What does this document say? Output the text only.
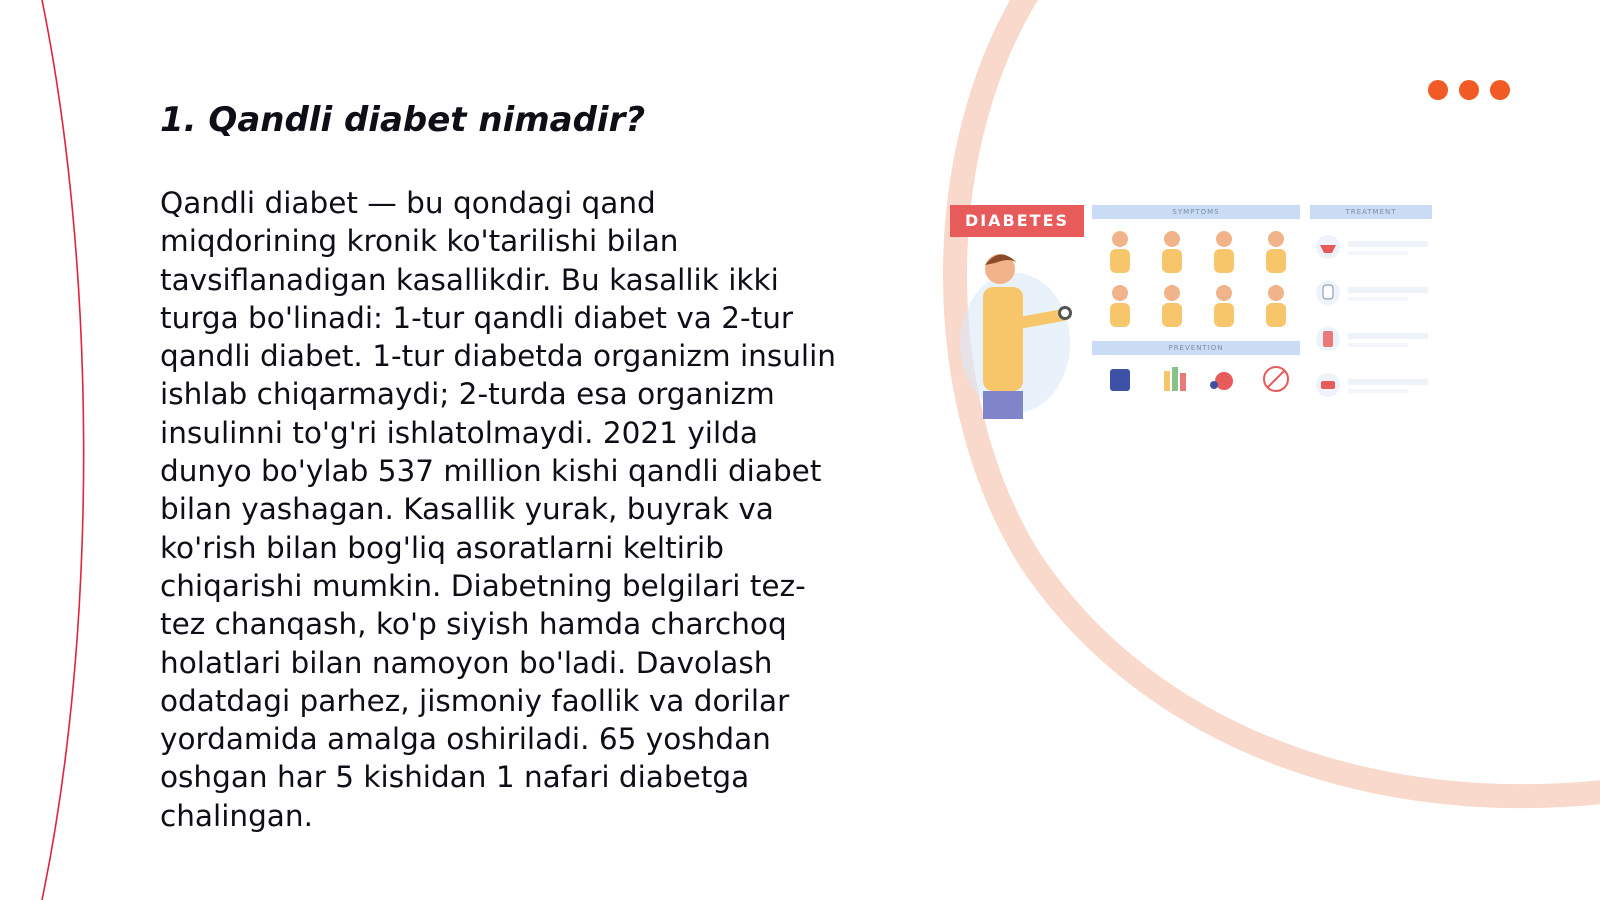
1. Qandli diabet nimadir?

Qandli diabet — bu qondagi qand miqdorining kronik ko'tarilishi bilan tavsiflanadigan kasallikdir. Bu kasallik ikki turga bo'linadi: 1-tur qandli diabet va 2-tur qandli diabet. 1-tur diabetda organizm insulin ishlab chiqarmaydi; 2-turda esa organizm insulinni to'g'ri ishlatolmaydi. 2021 yilda dunyo bo'ylab 537 million kishi qandli diabet bilan yashagan. Kasallik yurak, buyrak va ko'rish bilan bog'liq asoratlarni keltirib chiqarishi mumkin. Diabetning belgilari tez-tez chanqash, ko'p siyish hamda charchoq holatlari bilan namoyon bo'ladi. Davolash odatdagi parhez, jismoniy faollik va dorilar yordamida amalga oshiriladi. 65 yoshdan oshgan har 5 kishidan 1 nafari diabetga chalingan.

DIABETES	SYMPTOMS	TREATMENT
PREVENTION
